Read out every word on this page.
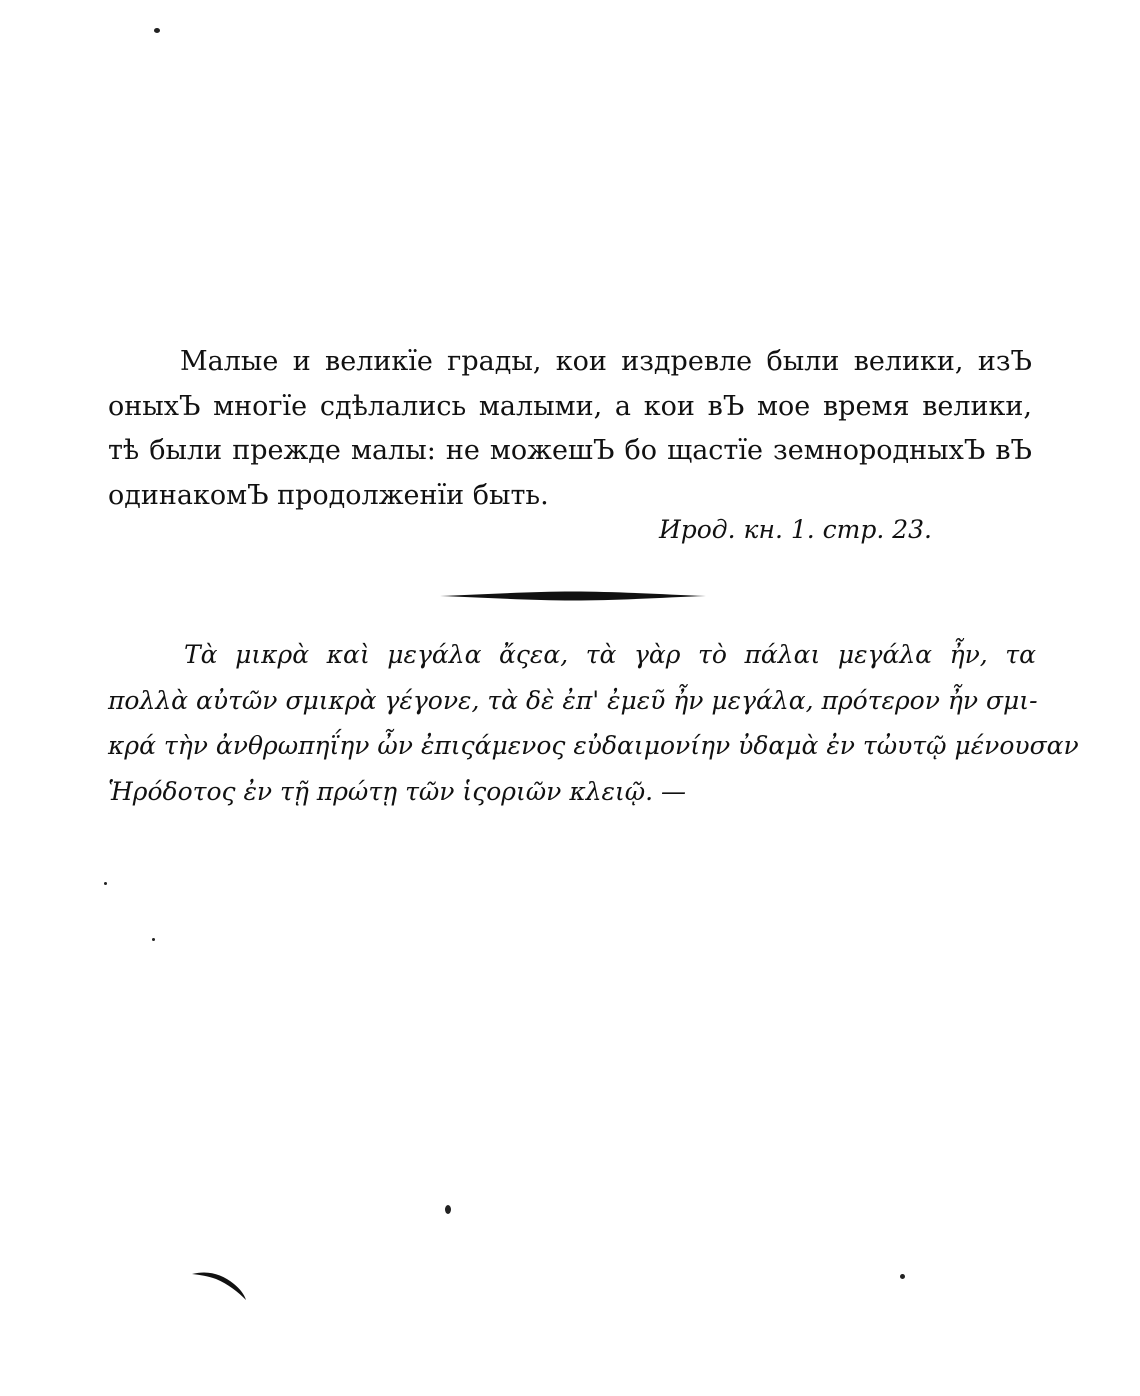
Малые и великїе грады, кои издревле были велики, изЪ
оныхЪ многїе сдѣлались малыми, а кои вЪ мое время велики,
тѣ были прежде малы: не можешЪ бо щастїе земнородныхЪ вЪ
одинакомЪ продолженїи быть.
Ирод. кн. 1. стр. 23.
Τὰ μικρὰ καὶ μεγάλα ἄςεα, τὰ γὰρ τὸ πάλαι μεγάλα ἦν, τα
πολλὰ αὐτῶν σμικρὰ γέγονε, τὰ δὲ ἐπ' ἐμεῦ ἦν μεγάλα, πρότερον ἦν σμι-
κρά τὴν ἀνθρωπηΐην ὦν ἐπιςάμενος εὐδαιμονίην ὐδαμὰ ἐν τὠυτῷ μένουσαν
Ἡρόδοτος ἐν τῇ πρώτῃ τῶν ἱςοριῶν κλειῷ. —
